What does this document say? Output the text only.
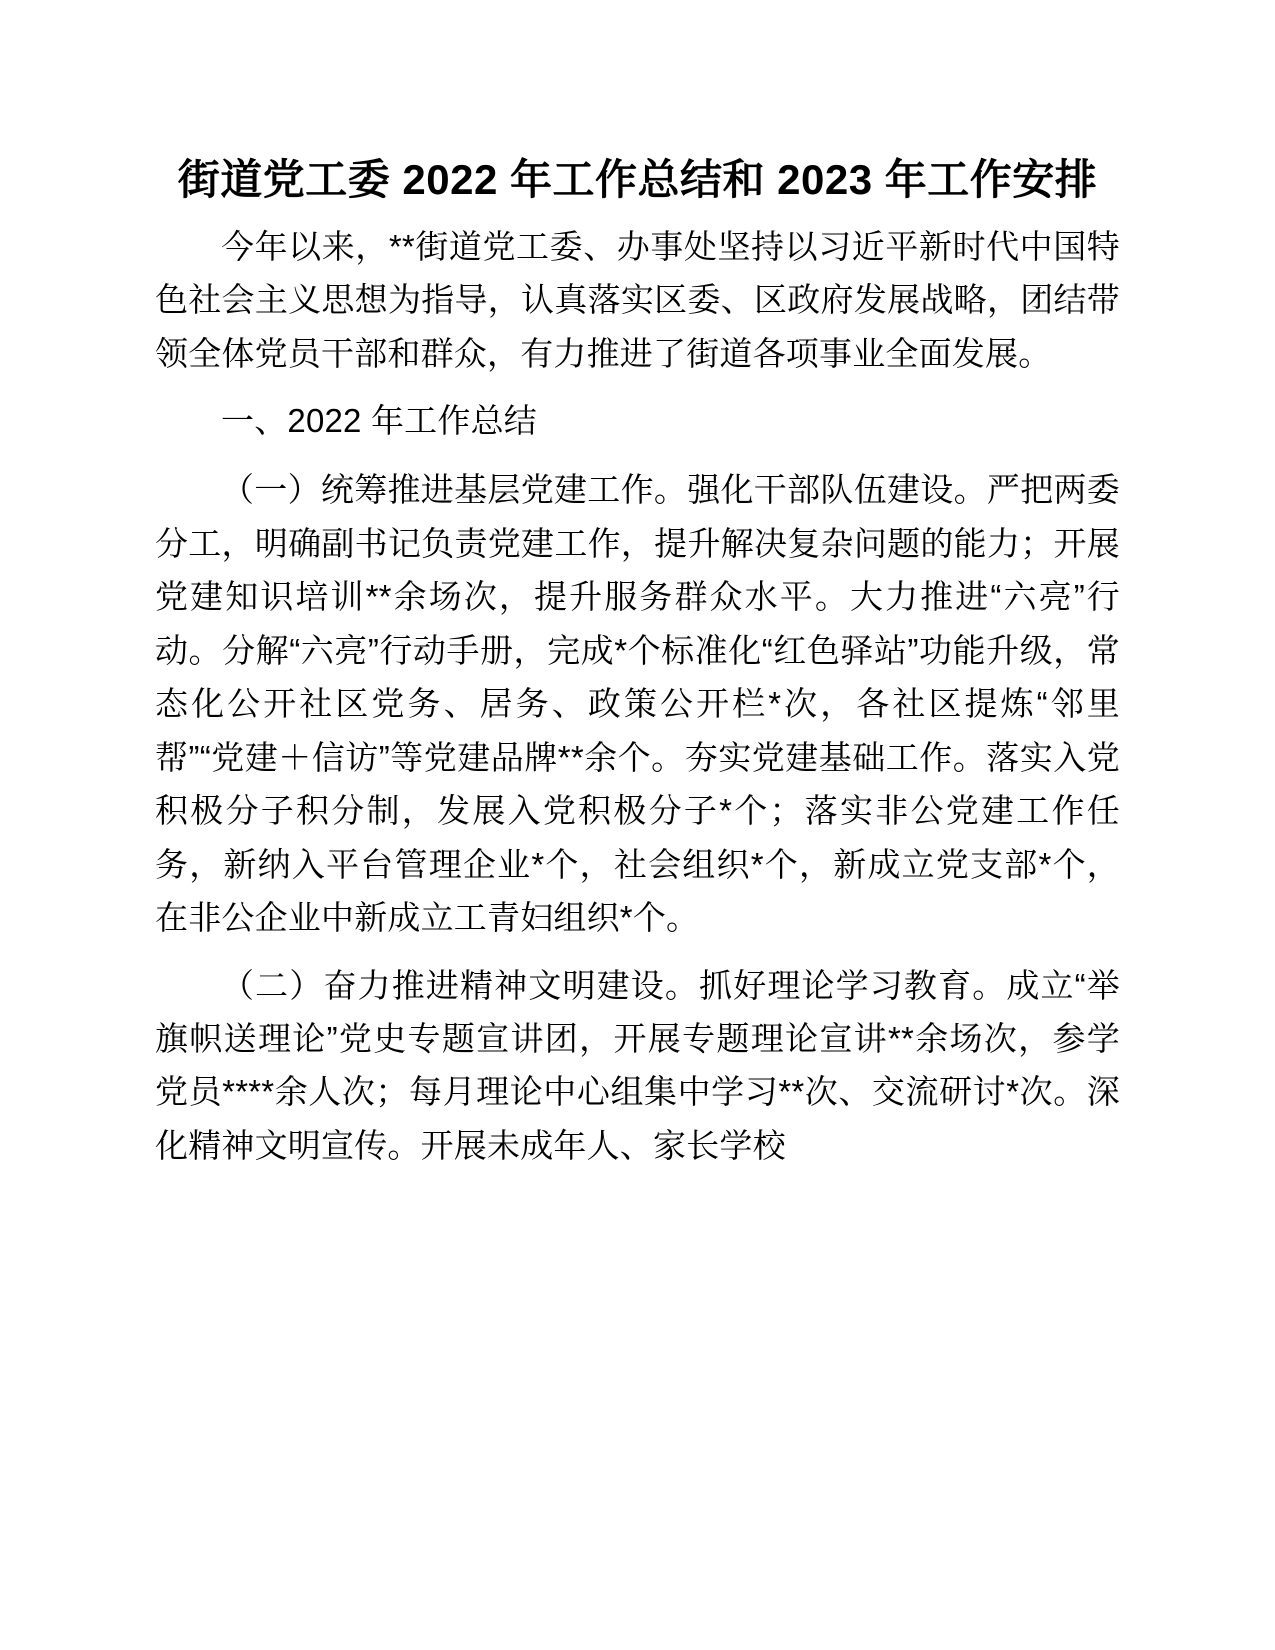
街道党工委 2022 年工作总结和 2023 年工作安排

今年以来，**街道党工委、办事处坚持以习近平新时代中国特色社会主义思想为指导，认真落实区委、区政府发展战略，团结带领全体党员干部和群众，有力推进了街道各项事业全面发展。

一、2022 年工作总结

（一）统筹推进基层党建工作。强化干部队伍建设。严把两委分工，明确副书记负责党建工作，提升解决复杂问题的能力；开展党建知识培训**余场次，提升服务群众水平。大力推进“六亮”行动。分解“六亮”行动手册，完成*个标准化“红色驿站”功能升级，常态化公开社区党务、居务、政策公开栏*次，各社区提炼“邻里帮”“党建＋信访”等党建品牌**余个。夯实党建基础工作。落实入党积极分子积分制，发展入党积极分子*个；落实非公党建工作任务，新纳入平台管理企业*个，社会组织*个，新成立党支部*个，在非公企业中新成立工青妇组织*个。

（二）奋力推进精神文明建设。抓好理论学习教育。成立“举旗帜送理论”党史专题宣讲团，开展专题理论宣讲**余场次，参学党员****余人次；每月理论中心组集中学习**次、交流研讨*次。深化精神文明宣传。开展未成年人、家长学校
